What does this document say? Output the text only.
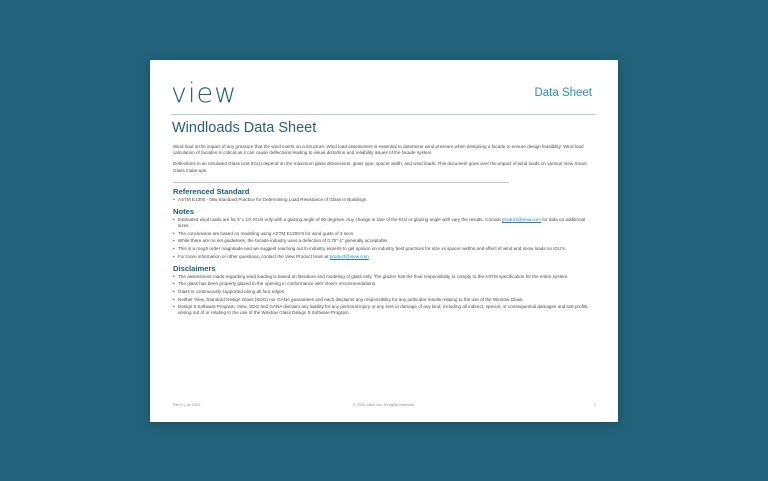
view	Data Sheet
Windloads Data Sheet

Wind load is the impact of any pressure that the wind exerts on a structure. Wind load assessment is essential to determine wind pressure when designing a facade to ensure design feasibility. Wind load calculation of facades is critical as it can cause deflections leading to visual distortion and reliability issues of the facade system.

Deflections in an Insulated Glass Unit (IGU) depend on the maximum glass dimensions, glass type, spacer width, and wind loads. This document goes over the impact of wind loads on various View Smart Glass make-ups.

Referenced Standard
• ASTM E1300 - 09a Standard Practice for Determining Load Resistance of Glass in Buildings
Notes
• Estimated wind loads are for 5' x 10' IGUs only with a glazing angle of 90 degrees. Any change in size of the IGU or glazing angle with vary the results. Consult product@view.com for data on additional sizes.
• The conclusions are based on modeling using ASTM E1300-9 for wind gusts of 3 secs
• While there are no set guidelines, the facade industry uses a defection of 0.75"-1" generally acceptable.
• This is a rough order magnitude and we suggest reaching out to industry experts to get opinion on industry best practices for size vs spacer widths and effect of wind and snow loads on IGU's.
• For more information or other questions, contact the View Product team at product@view.com
Disclaimers
• The assessment made regarding wind loading is based on literature and modeling of glass only. The glazier has the final responsibility to comply to the ASTM specification for the entire system.
• The glass has been properly glazed in the opening in conformance with View's recommendations.
• Glass is continuously supported along all four edges.
• Neither View, Standard Design Glass (SDG) nor GANA guarantees and each disclaims any responsibility for any particular results relating to the use of the Window Glass.
• Design 5 Software Program, View, SDG and GANA disclaim any liability for any personal injury or any loss or damage of any kind, including all indirect, special, or consequential damages and lost profits, arising out of or relating to the use of the Window Glass Design 5 Software Program.
Rev 1 | Jul 2020	© 2020 View, Inc. All rights reserved.	1
